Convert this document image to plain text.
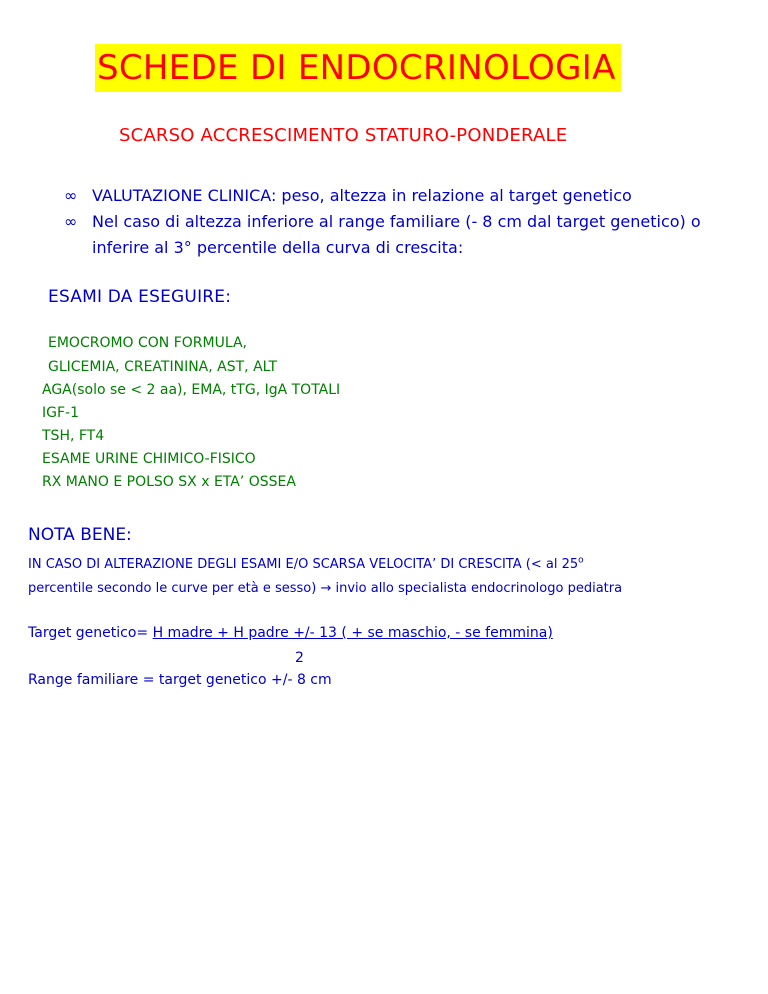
SCHEDE DI ENDOCRINOLOGIA
SCARSO ACCRESCIMENTO STATURO-PONDERALE
∞ VALUTAZIONE CLINICA: peso, altezza in relazione al target genetico
∞ Nel caso di altezza inferiore al range familiare (- 8 cm dal target genetico) o inferire al 3° percentile della curva di crescita:
ESAMI DA ESEGUIRE:
EMOCROMO CON FORMULA,
GLICEMIA, CREATININA, AST, ALT
AGA(solo se < 2 aa), EMA, tTG, IgA TOTALI
IGF-1
TSH, FT4
ESAME URINE CHIMICO-FISICO
RX MANO E POLSO SX x ETA’ OSSEA
NOTA BENE:
IN CASO DI ALTERAZIONE DEGLI ESAMI E/O SCARSA VELOCITA’ DI CRESCITA (< al 25$^o$
percentile secondo le curve per età e sesso) → invio allo specialista endocrinologo pediatra
Target genetico= H madre + H padre +/- 13 ( + se maschio, - se femmina)
2
Range familiare = target genetico +/- 8 cm
